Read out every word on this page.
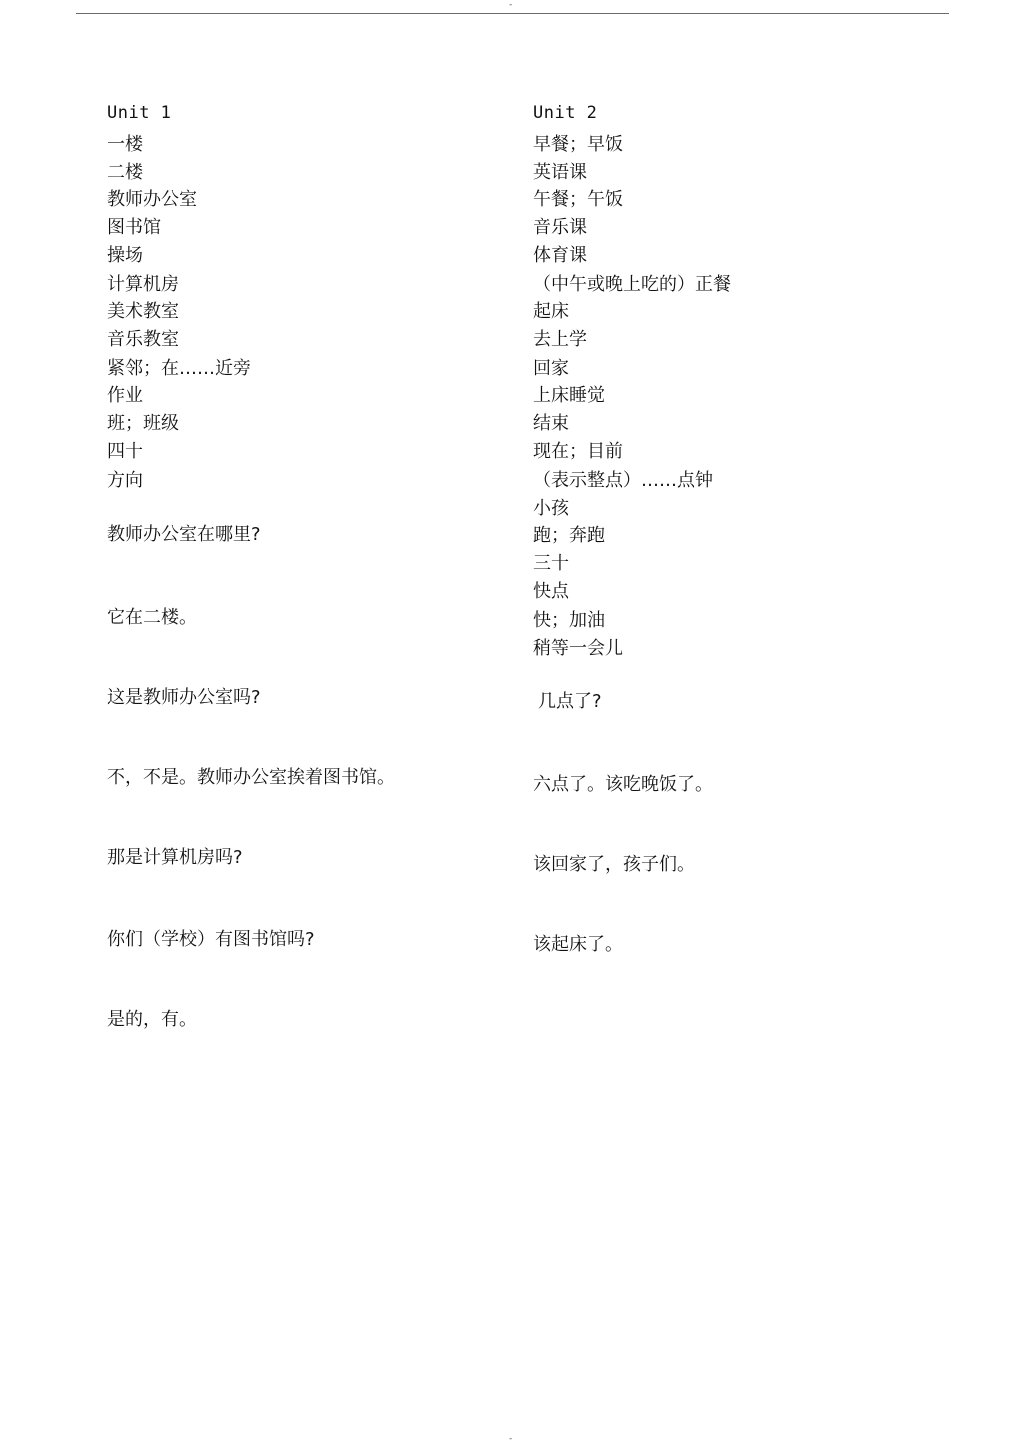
-
Unit 1
一楼
二楼
教师办公室
图书馆
操场
计算机房
美术教室
音乐教室
紧邻；在……近旁
作业
班；班级
四十
方向
教师办公室在哪里?
它在二楼。
这是教师办公室吗?
不，不是。教师办公室挨着图书馆。
那是计算机房吗?
你们（学校）有图书馆吗?
是的，有。
Unit 2
早餐；早饭
英语课
午餐；午饭
音乐课
体育课
（中午或晚上吃的）正餐
起床
去上学
回家
上床睡觉
结束
现在；目前
（表示整点）……点钟
小孩
跑；奔跑
三十
快点
快；加油
稍等一会儿
几点了?
六点了。该吃晚饭了。
该回家了，孩子们。
该起床了。
-
